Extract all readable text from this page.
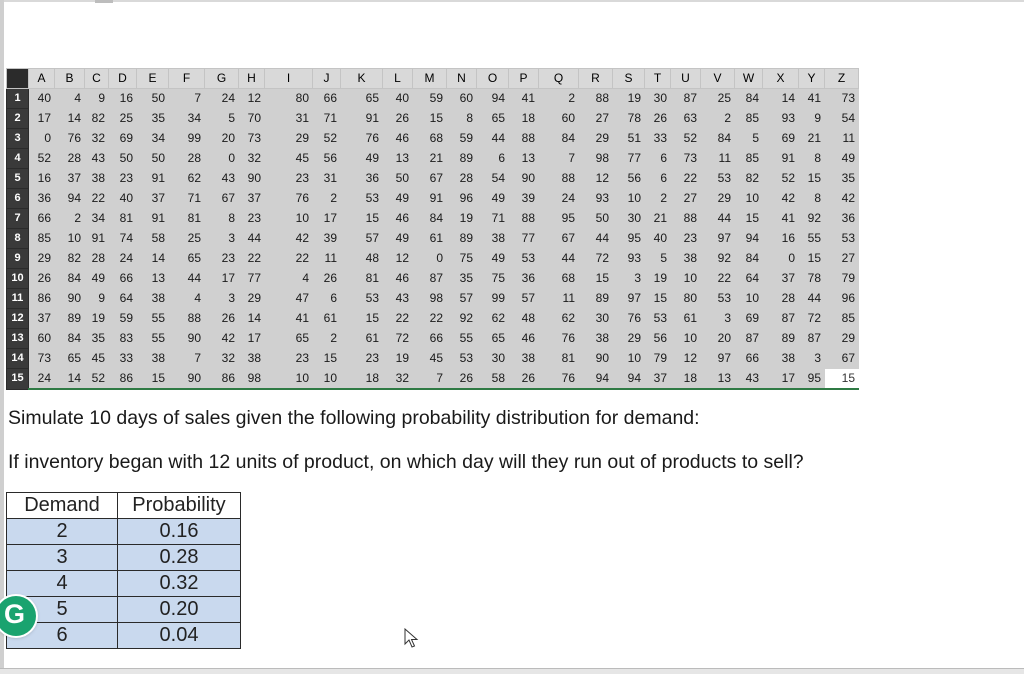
	A	B	C	D	E	F	G	H	I	J	K	L	M	N	O	P	Q	R	S	T	U	V	W	X	Y	Z
1	40	4	9	16	50	7	24	12	80	66	65	40	59	60	94	41	2	88	19	30	87	25	84	14	41	73
2	17	14	82	25	35	34	5	70	31	71	91	26	15	8	65	18	60	27	78	26	63	2	85	93	9	54
3	0	76	32	69	34	99	20	73	29	52	76	46	68	59	44	88	84	29	51	33	52	84	5	69	21	11
4	52	28	43	50	50	28	0	32	45	56	49	13	21	89	6	13	7	98	77	6	73	11	85	91	8	49
5	16	37	38	23	91	62	43	90	23	31	36	50	67	28	54	90	88	12	56	6	22	53	82	52	15	35
6	36	94	22	40	37	71	67	37	76	2	53	49	91	96	49	39	24	93	10	2	27	29	10	42	8	42
7	66	2	34	81	91	81	8	23	10	17	15	46	84	19	71	88	95	50	30	21	88	44	15	41	92	36
8	85	10	91	74	58	25	3	44	42	39	57	49	61	89	38	77	67	44	95	40	23	97	94	16	55	53
9	29	82	28	24	14	65	23	22	22	11	48	12	0	75	49	53	44	72	93	5	38	92	84	0	15	27
10	26	84	49	66	13	44	17	77	4	26	81	46	87	35	75	36	68	15	3	19	10	22	64	37	78	79
11	86	90	9	64	38	4	3	29	47	6	53	43	98	57	99	57	11	89	97	15	80	53	10	28	44	96
12	37	89	19	59	55	88	26	14	41	61	15	22	22	92	62	48	62	30	76	53	61	3	69	87	72	85
13	60	84	35	83	55	90	42	17	65	2	61	72	66	55	65	46	76	38	29	56	10	20	87	89	87	29
14	73	65	45	33	38	7	32	38	23	15	23	19	45	53	30	38	81	90	10	79	12	97	66	38	3	67
15	24	14	52	86	15	90	86	98	10	10	18	32	7	26	58	26	76	94	94	37	18	13	43	17	95	15
Simulate 10 days of sales given the following probability distribution for demand:
If inventory began with 12 units of product, on which day will they run out of products to sell?
Demand	Probability
2	0.16
3	0.28
4	0.32
5	0.20
6	0.04
G
